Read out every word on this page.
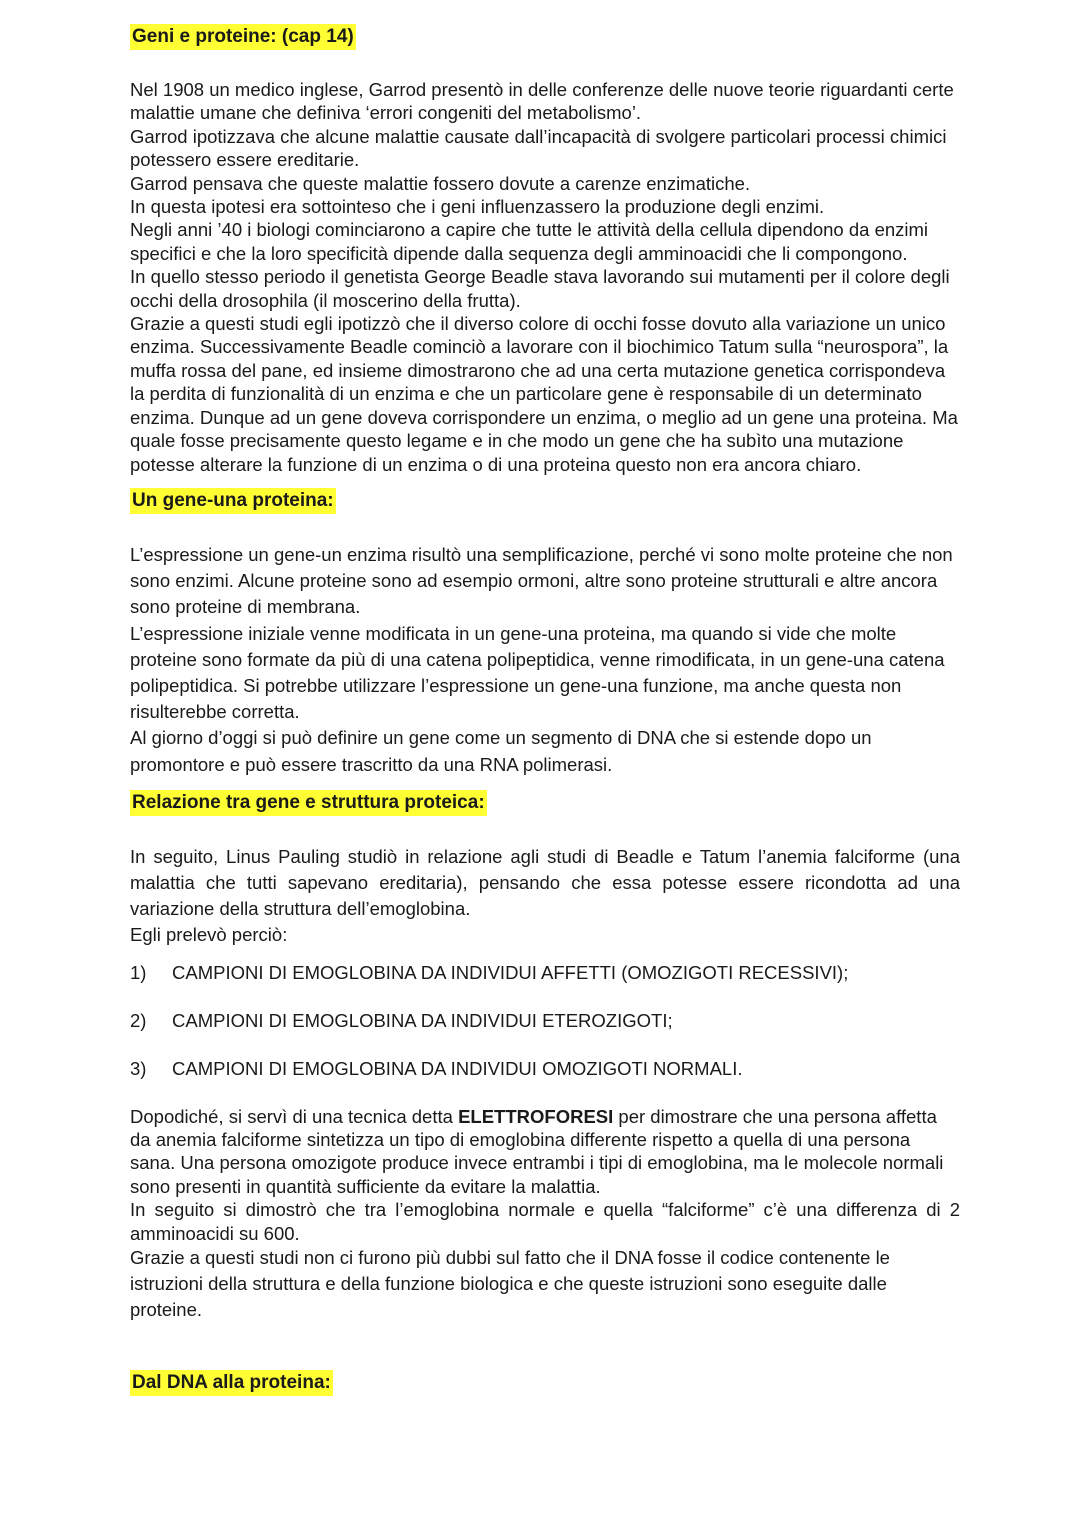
Geni e proteine: (cap 14)

Nel 1908 un medico inglese, Garrod presentò in delle conferenze delle nuove teorie riguardanti certe malattie umane che definiva ‘errori congeniti del metabolismo’.

Garrod ipotizzava che alcune malattie causate dall’incapacità di svolgere particolari processi chimici potessero essere ereditarie.

Garrod pensava che queste malattie fossero dovute a carenze enzimatiche.

In questa ipotesi era sottointeso che i geni influenzassero la produzione degli enzimi.

Negli anni ’40 i biologi cominciarono a capire che tutte le attività della cellula dipendono da enzimi specifici e che la loro specificità dipende dalla sequenza degli amminoacidi che li compongono.

In quello stesso periodo il genetista George Beadle stava lavorando sui mutamenti per il colore degli occhi della drosophila (il moscerino della frutta).

Grazie a questi studi egli ipotizzò che il diverso colore di occhi fosse dovuto alla variazione un unico enzima. Successivamente Beadle cominciò a lavorare con il biochimico Tatum sulla “neurospora”, la muffa rossa del pane, ed insieme dimostrarono che ad una certa mutazione genetica corrispondeva la perdita di funzionalità di un enzima e che un particolare gene è responsabile di un determinato enzima. Dunque ad un gene doveva corrispondere un enzima, o meglio ad un gene una proteina. Ma quale fosse precisamente questo legame e in che modo un gene che ha subìto una mutazione potesse alterare la funzione di un enzima o di una proteina questo non era ancora chiaro.

Un gene-una proteina:

L’espressione un gene-un enzima risultò una semplificazione, perché vi sono molte proteine che non sono enzimi. Alcune proteine sono ad esempio ormoni, altre sono proteine strutturali e altre ancora sono proteine di membrana.

L’espressione iniziale venne modificata in un gene-una proteina, ma quando si vide che molte proteine sono formate da più di una catena polipeptidica, venne rimodificata, in un gene-una catena polipeptidica. Si potrebbe utilizzare l’espressione un gene-una funzione, ma anche questa non risulterebbe corretta.

Al giorno d’oggi si può definire un gene come un segmento di DNA che si estende dopo un promontore e può essere trascritto da una RNA polimerasi.

Relazione tra gene e struttura proteica:

In seguito, Linus Pauling studiò in relazione agli studi di Beadle e Tatum l’anemia falciforme (una malattia che tutti sapevano ereditaria), pensando che essa potesse essere ricondotta ad una variazione della struttura dell’emoglobina.

Egli prelevò perciò:

1)	CAMPIONI DI EMOGLOBINA DA INDIVIDUI AFFETTI (OMOZIGOTI RECESSIVI);
2)	CAMPIONI DI EMOGLOBINA DA INDIVIDUI ETEROZIGOTI;
3)	CAMPIONI DI EMOGLOBINA DA INDIVIDUI OMOZIGOTI NORMALI.

Dopodiché, si servì di una tecnica detta ELETTROFORESI per dimostrare che una persona affetta da anemia falciforme sintetizza un tipo di emoglobina differente rispetto a quella di una persona sana. Una persona omozigote produce invece entrambi i tipi di emoglobina, ma le molecole normali sono presenti in quantità sufficiente da evitare la malattia.

In seguito si dimostrò che tra l’emoglobina normale e quella “falciforme” c’è una differenza di 2 amminoacidi su 600.

Grazie a questi studi non ci furono più dubbi sul fatto che il DNA fosse il codice contenente le istruzioni della struttura e della funzione biologica e che queste istruzioni sono eseguite dalle proteine.

Dal DNA alla proteina:
